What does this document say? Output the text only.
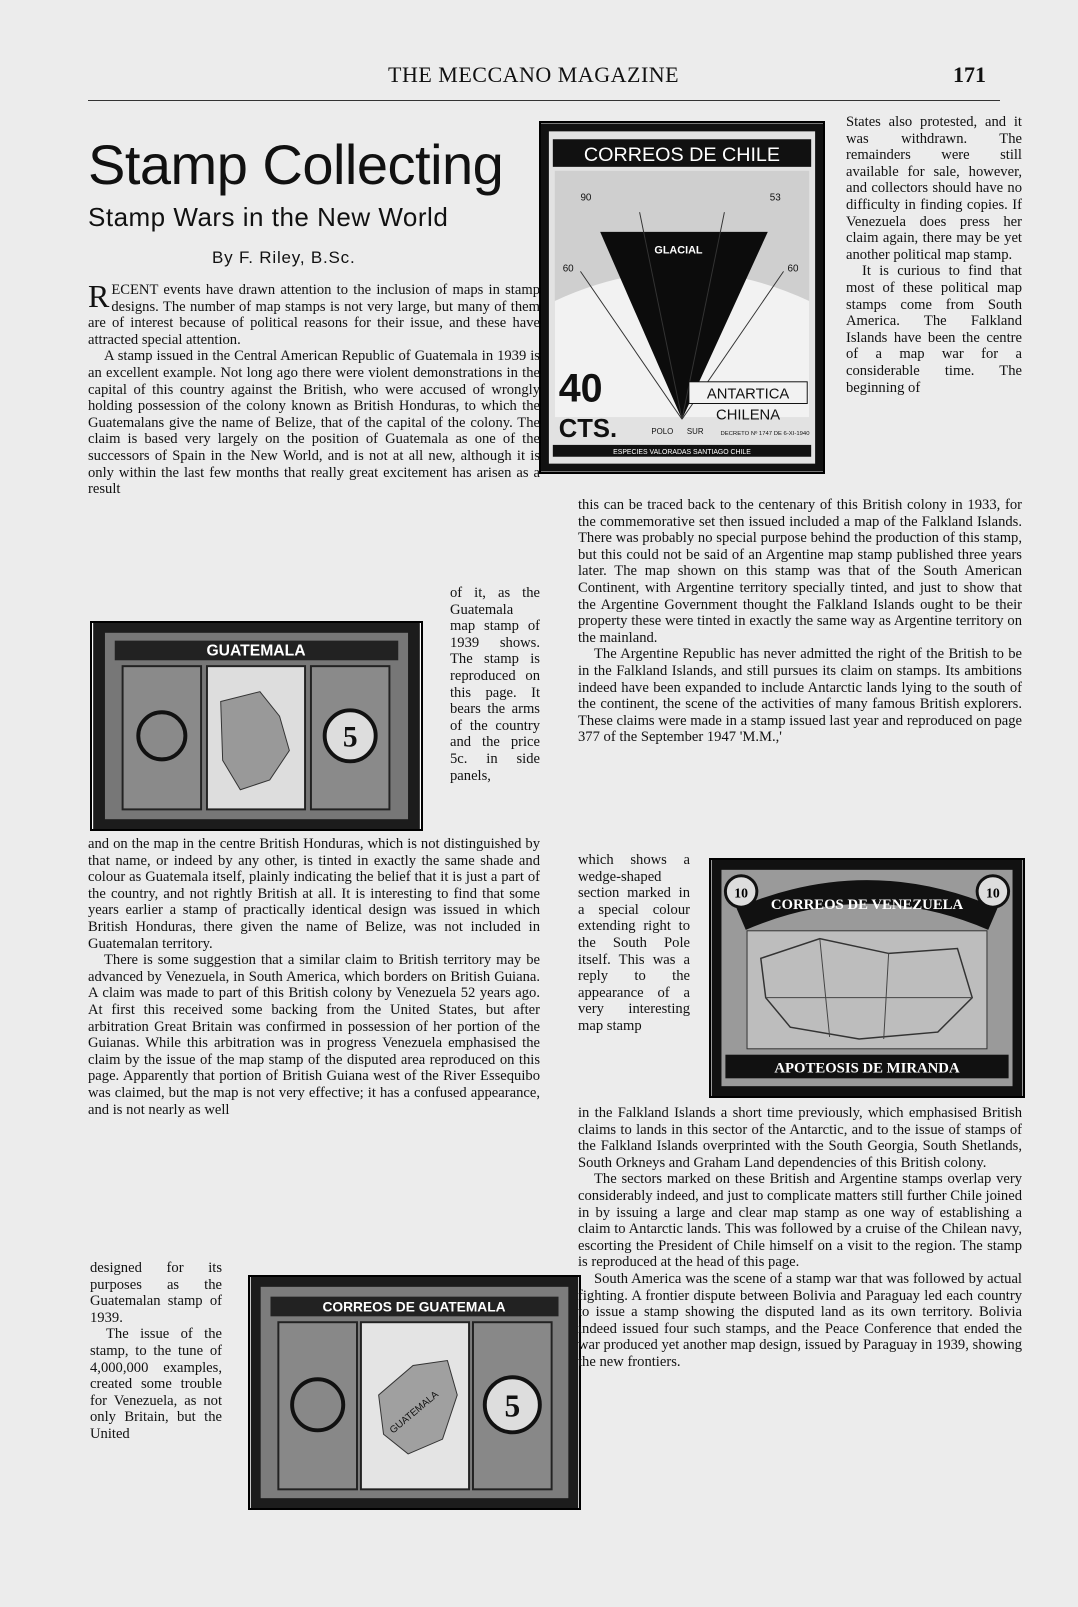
THE MECCANO MAGAZINE	171
Stamp Collecting
Stamp Wars in the New World
By F. Riley, B.Sc.

RECENT events have drawn attention to the inclusion of maps in stamp designs. The number of map stamps is not very large, but many of them are of interest because of political reasons for their issue, and these have attracted special attention.

A stamp issued in the Central American Republic of Guatemala in 1939 is an excellent example. Not long ago there were violent demonstrations in the capital of this country against the British, who were accused of wrongly holding possession of the colony known as British Honduras, to which the Guatemalans give the name of Belize, that of the capital of the colony. The claim is based very largely on the position of Guatemala as one of the successors of Spain in the New World, and is not at all new, although it is only within the last few months that really great excitement has arisen as a result

of it, as the Guatemala map stamp of 1939 shows. The stamp is reproduced on this page. It bears the arms of the country and the price 5c. in side panels,

GUATEMALA
5

and on the map in the centre British Honduras, which is not distinguished by that name, or indeed by any other, is tinted in exactly the same shade and colour as Guatemala itself, plainly indicating the belief that it is just a part of the country, and not rightly British at all. It is interesting to find that some years earlier a stamp of practically identical design was issued in which British Honduras, there given the name of Belize, was not included in Guatemalan territory.

There is some suggestion that a similar claim to British territory may be advanced by Venezuela, in South America, which borders on British Guiana. A claim was made to part of this British colony by Venezuela 52 years ago. At first this received some backing from the United States, but after arbitration Great Britain was confirmed in possession of her portion of the Guianas. While this arbitration was in progress Venezuela emphasised the claim by the issue of the map stamp of the disputed area reproduced on this page. Apparently that portion of British Guiana west of the River Essequibo was claimed, but the map is not very effective; it has a confused appearance, and is not nearly as well

designed for its purposes as the Guatemalan stamp of 1939.

The issue of the stamp, to the tune of 4,000,000 examples, created some trouble for Venezuela, as not only Britain, but the United

CORREOS DE GUATEMALA
GUATEMALA 5
CORREOS DE CHILE
GLACIAL
90	53
60	60
40
CTS.
ANTARTICA
CHILENA
POLO SUR	DECRETO Nº 1747 DE 6-XI-1940
ESPECIES VALORADAS SANTIAGO CHILE

States also protested, and it was withdrawn. The remainders were still available for sale, however, and collectors should have no difficulty in finding copies. If Venezuela does press her claim again, there may be yet another political map stamp.

It is curious to find that most of these political map stamps come from South America. The Falkland Islands have been the centre of a map war for a considerable time. The beginning of

this can be traced back to the centenary of this British colony in 1933, for the commemorative set then issued included a map of the Falkland Islands. There was probably no special purpose behind the production of this stamp, but this could not be said of an Argentine map stamp published three years later. The map shown on this stamp was that of the South American Continent, with Argentine territory specially tinted, and just to show that the Argentine Government thought the Falkland Islands ought to be their property these were tinted in exactly the same way as Argentine territory on the mainland.

The Argentine Republic has never admitted the right of the British to be in the Falkland Islands, and still pursues its claim on stamps. Its ambitions indeed have been expanded to include Antarctic lands lying to the south of the continent, the scene of the activities of many famous British explorers. These claims were made in a stamp issued last year and reproduced on page 377 of the September 1947 'M.M.,'

which shows a wedge-shaped section marked in a special colour extending right to the South Pole itself. This was a reply to the appearance of a very interesting map stamp

CORREOS DE VENEZUELA
10	10
APOTEOSIS DE MIRANDA

in the Falkland Islands a short time previously, which emphasised British claims to lands in this sector of the Antarctic, and to the issue of stamps of the Falkland Islands overprinted with the South Georgia, South Shetlands, South Orkneys and Graham Land dependencies of this British colony.

The sectors marked on these British and Argentine stamps overlap very considerably indeed, and just to complicate matters still further Chile joined in by issuing a large and clear map stamp as one way of establishing a claim to Antarctic lands. This was followed by a cruise of the Chilean navy, escorting the President of Chile himself on a visit to the region. The stamp is reproduced at the head of this page.

South America was the scene of a stamp war that was followed by actual fighting. A frontier dispute between Bolivia and Paraguay led each country to issue a stamp showing the disputed land as its own territory. Bolivia indeed issued four such stamps, and the Peace Conference that ended the war produced yet another map design, issued by Paraguay in 1939, showing the new frontiers.
